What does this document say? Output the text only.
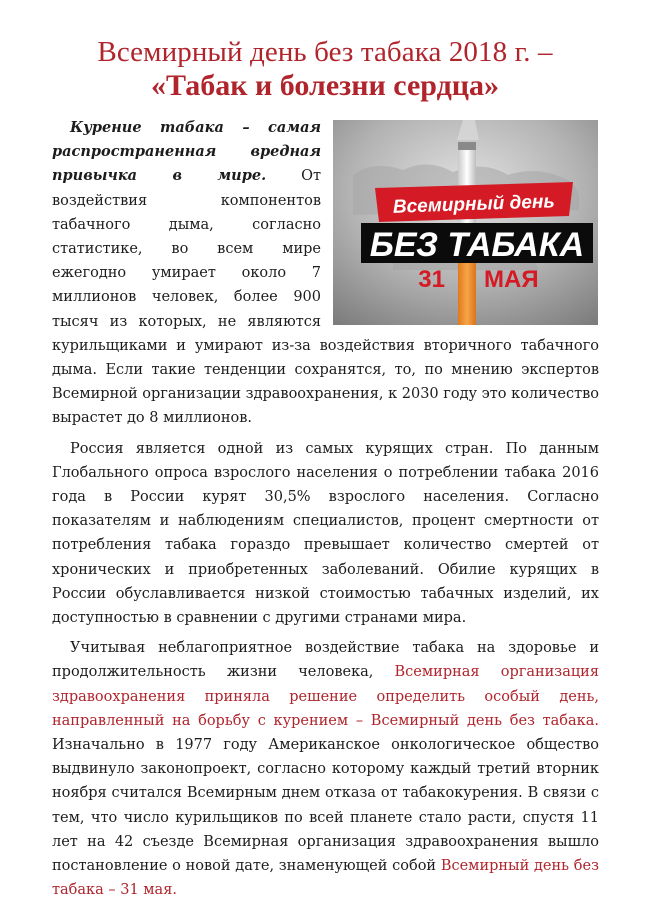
Всемирный день без табака 2018 г. –
«Табак и болезни сердца»
Всемирный день
БЕЗ ТАБАКА
31 МАЯ

Курение табака – самая распространенная вредная привычка в мире. От воздействия компонентов табачного дыма, согласно статистике, во всем мире ежегодно умирает около 7 миллионов человек, более 900 тысяч из которых, не являются курильщиками и умирают из-за воздействия вторичного табачного дыма. Если такие тенденции сохранятся, то, по мнению экспертов Всемирной организации здравоохранения, к 2030 году это количество вырастет до 8 миллионов.

Россия является одной из самых курящих стран. По данным Глобального опроса взрослого населения о потреблении табака 2016 года в России курят 30,5% взрослого населения. Согласно показателям и наблюдениям специалистов, процент смертности от потребления табака гораздо превышает количество смертей от хронических и приобретенных заболеваний. Обилие курящих в России обуславливается низкой стоимостью табачных изделий, их доступностью в сравнении с другими странами мира.

Учитывая неблагоприятное воздействие табака на здоровье и продолжительность жизни человека, Всемирная организация здравоохранения приняла решение определить особый день, направленный на борьбу с курением – Всемирный день без табака. Изначально в 1977 году Американское онкологическое общество выдвинуло законопроект, согласно которому каждый третий вторник ноября считался Всемирным днем отказа от табакокурения. В связи с тем, что число курильщиков по всей планете стало расти, спустя 11 лет на 42 съезде Всемирная организация здравоохранения вышло постановление о новой дате, знаменующей собой Всемирный день без табака – 31 мая.
